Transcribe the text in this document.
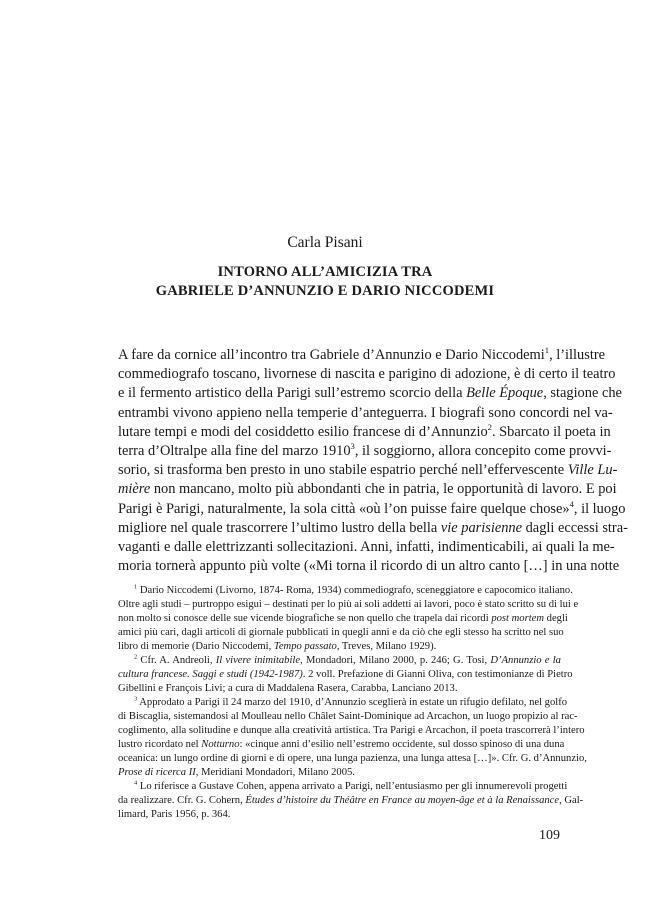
Carla Pisani
INTORNO ALL’AMICIZIA TRA
GABRIELE D’ANNUNZIO E DARIO NICCODEMI
A fare da cornice all’incontro tra Gabriele d’Annunzio e Dario Niccodemi$^1$, l’illustre
commediografo toscano, livornese di nascita e parigino di adozione, è di certo il teatro
e il fermento artistico della Parigi sull’estremo scorcio della Belle Époque, stagione che
entrambi vivono appieno nella temperie d’anteguerra. I biografi sono concordi nel va-
lutare tempi e modi del cosiddetto esilio francese di d’Annunzio$^2$. Sbarcato il poeta in
terra d’Oltralpe alla fine del marzo 1910$^3$, il soggiorno, allora concepito come provvi-
sorio, si trasforma ben presto in uno stabile espatrio perché nell’effervescente Ville Lu-
mière non mancano, molto più abbondanti che in patria, le opportunità di lavoro. E poi
Parigi è Parigi, naturalmente, la sola città «où l’on puisse faire quelque chose»$^4$, il luogo
migliore nel quale trascorrere l’ultimo lustro della bella vie parisienne dagli eccessi stra-
vaganti e dalle elettrizzanti sollecitazioni. Anni, infatti, indimenticabili, ai quali la me-
moria tornerà appunto più volte («Mi torna il ricordo di un altro canto […] in una notte
$^1$ Dario Niccodemi (Livorno, 1874- Roma, 1934) commediografo, sceneggiatore e capocomico italiano.
Oltre agli studi – purtroppo esigui – destinati per lo più ai soli addetti ai lavori, poco è stato scritto su di lui e
non molto si conosce delle sue vicende biografiche se non quello che trapela dai ricordi post mortem degli
amici più cari, dagli articoli di giornale pubblicati in quegli anni e da ciò che egli stesso ha scritto nel suo
libro di memorie (Dario Niccodemi, Tempo passato, Treves, Milano 1929).
$^2$ Cfr. A. Andreoli, Il vivere inimitabile, Mondadori, Milano 2000, p. 246; G. Tosi, D’Annunzio e la
cultura francese. Saggi e studi (1942-1987). 2 voll. Prefazione di Gianni Oliva, con testimonianze di Pietro
Gibellini e François Livi; a cura di Maddalena Rasera, Carabba, Lanciano 2013.
$^3$ Approdato a Parigi il 24 marzo del 1910, d’Annunzio sceglierà in estate un rifugio defilato, nel golfo
di Biscaglia, sistemandosi al Moulleau nello Châlet Saint-Dominique ad Arcachon, un luogo propizio al rac-
coglimento, alla solitudine e dunque alla creatività artistica. Tra Parigi e Arcachon, il poeta trascorrerà l’intero
lustro ricordato nel Notturno: «cinque anni d’esilio nell’estremo occidente, sul dosso spinoso di una duna
oceanica: un lungo ordine di giorni e di opere, una lunga pazienza, una lunga attesa […]». Cfr. G. d’Annunzio,
Prose di ricerca II, Meridiani Mondadori, Milano 2005.
$^4$ Lo riferisce a Gustave Cohen, appena arrivato a Parigi, nell’entusiasmo per gli innumerevoli progetti
da realizzare. Cfr. G. Cohern, Études d’histoire du Théâtre en France au moyen-âge et à la Renaissance, Gal-
limard, Paris 1956, p. 364.
109
